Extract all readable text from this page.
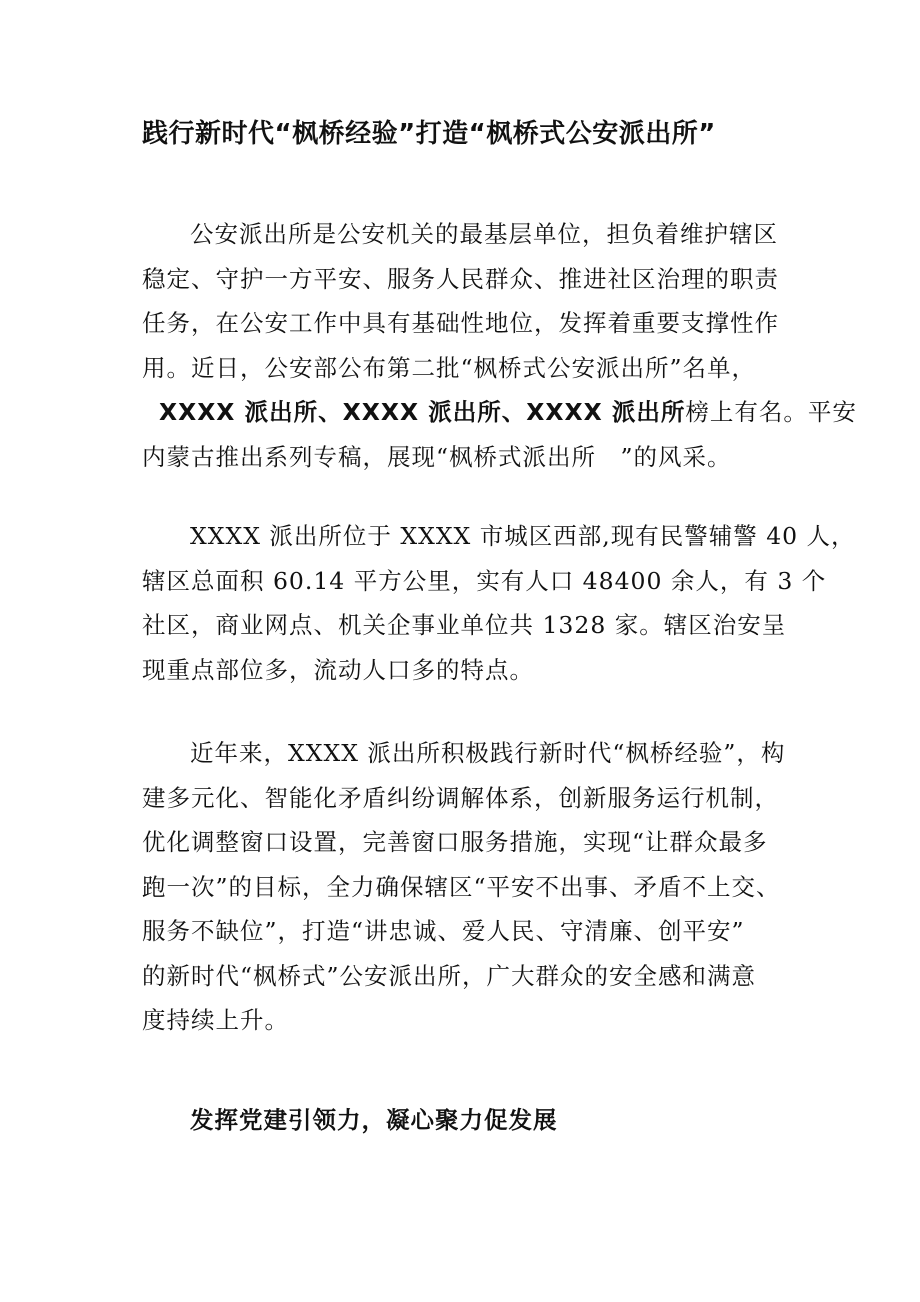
践行新时代“枫桥经验”打造“枫桥式公安派出所”
公安派出所是公安机关的最基层单位，担负着维护辖区
稳定、守护一方平安、服务人民群众、推进社区治理的职责
任务，在公安工作中具有基础性地位，发挥着重要支撑性作
用。近日，公安部公布第二批“枫桥式公安派出所”名单，
XXXX 派出所、XXXX 派出所、XXXX 派出所榜上有名。平安
内蒙古推出系列专稿，展现“枫桥式派出所　”的风采。
XXXX 派出所位于 XXXX 市城区西部,现有民警辅警 40 人，
辖区总面积 60.14 平方公里，实有人口 48400 余人，有 3 个
社区，商业网点、机关企事业单位共 1328 家。辖区治安呈
现重点部位多，流动人口多的特点。
近年来，XXXX 派出所积极践行新时代“枫桥经验”，构
建多元化、智能化矛盾纠纷调解体系，创新服务运行机制，
优化调整窗口设置，完善窗口服务措施，实现“让群众最多
跑一次”的目标，全力确保辖区“平安不出事、矛盾不上交、
服务不缺位”，打造“讲忠诚、爱人民、守清廉、创平安”
的新时代“枫桥式”公安派出所，广大群众的安全感和满意
度持续上升。
发挥党建引领力，凝心聚力促发展
